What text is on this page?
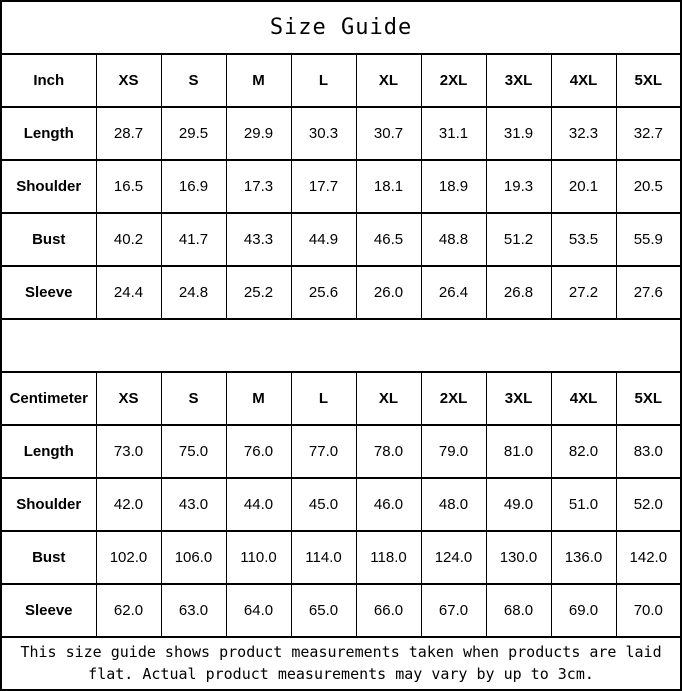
Size Guide									
Inch	XS	S	M	L	XL	2XL	3XL	4XL	5XL
Length	28.7	29.5	29.9	30.3	30.7	31.1	31.9	32.3	32.7
Shoulder	16.5	16.9	17.3	17.7	18.1	18.9	19.3	20.1	20.5
Bust	40.2	41.7	43.3	44.9	46.5	48.8	51.2	53.5	55.9
Sleeve	24.4	24.8	25.2	25.6	26.0	26.4	26.8	27.2	27.6

Centimeter	XS	S	M	L	XL	2XL	3XL	4XL	5XL
Length	73.0	75.0	76.0	77.0	78.0	79.0	81.0	82.0	83.0
Shoulder	42.0	43.0	44.0	45.0	46.0	48.0	49.0	51.0	52.0
Bust	102.0	106.0	110.0	114.0	118.0	124.0	130.0	136.0	142.0
Sleeve	62.0	63.0	64.0	65.0	66.0	67.0	68.0	69.0	70.0
This size guide shows product measurements taken when products are laid flat. Actual product measurements may vary by up to 3cm.									
